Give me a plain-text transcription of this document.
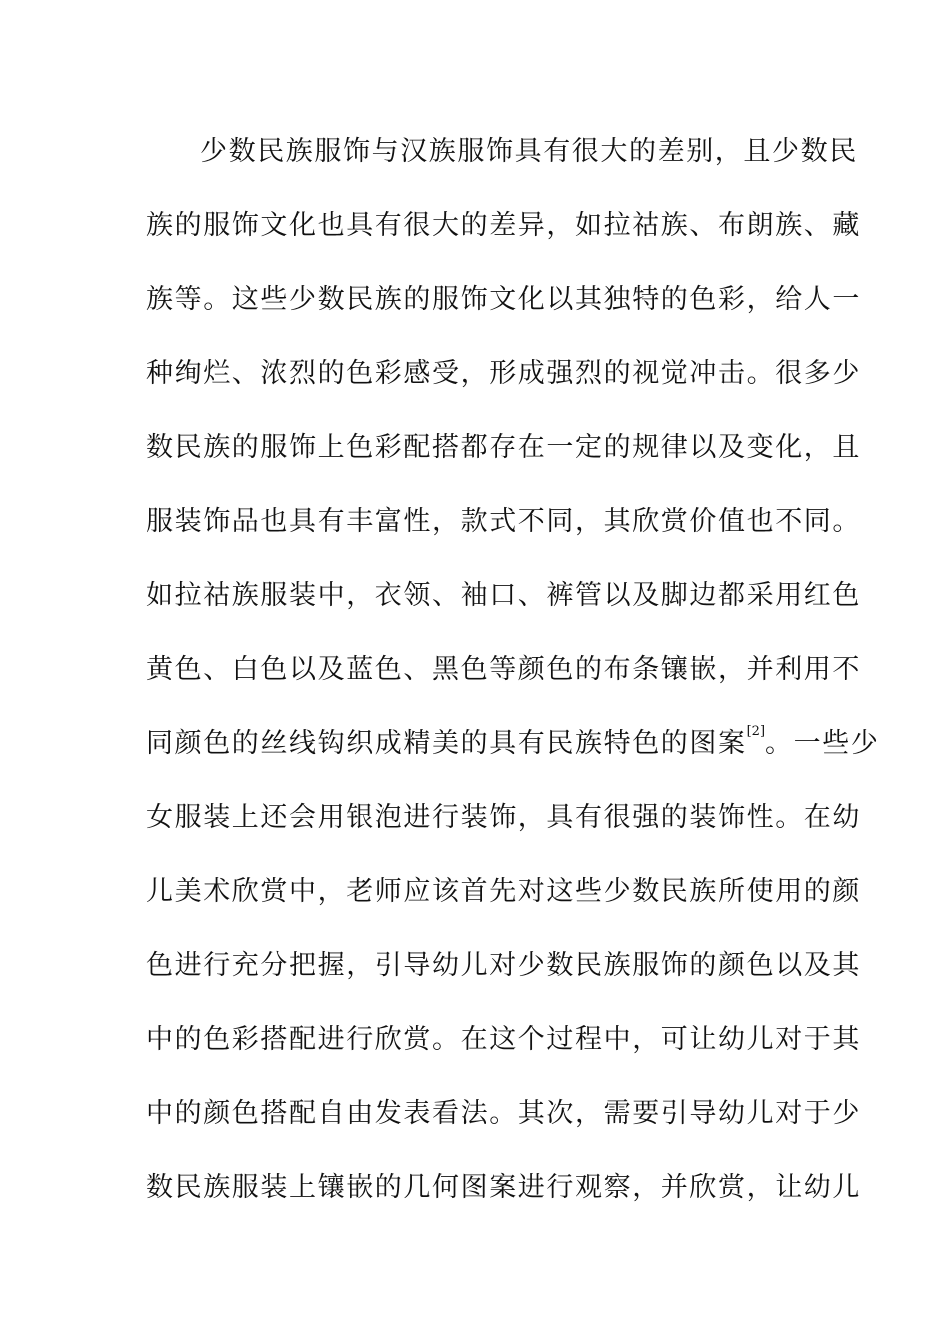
少数民族服饰与汉族服饰具有很大的差别，且少数民
族的服饰文化也具有很大的差异，如拉祜族、布朗族、藏
族等。这些少数民族的服饰文化以其独特的色彩，给人一
种绚烂、浓烈的色彩感受，形成强烈的视觉冲击。很多少
数民族的服饰上色彩配搭都存在一定的规律以及变化，且
服装饰品也具有丰富性，款式不同，其欣赏价值也不同。
如拉祜族服装中，衣领、袖口、裤管以及脚边都采用红色
黄色、白色以及蓝色、黑色等颜色的布条镶嵌，并利用不
同颜色的丝线钩织成精美的具有民族特色的图案[2]。一些少
女服装上还会用银泡进行装饰，具有很强的装饰性。在幼
儿美术欣赏中，老师应该首先对这些少数民族所使用的颜
色进行充分把握，引导幼儿对少数民族服饰的颜色以及其
中的色彩搭配进行欣赏。在这个过程中，可让幼儿对于其
中的颜色搭配自由发表看法。其次，需要引导幼儿对于少
数民族服装上镶嵌的几何图案进行观察，并欣赏，让幼儿
